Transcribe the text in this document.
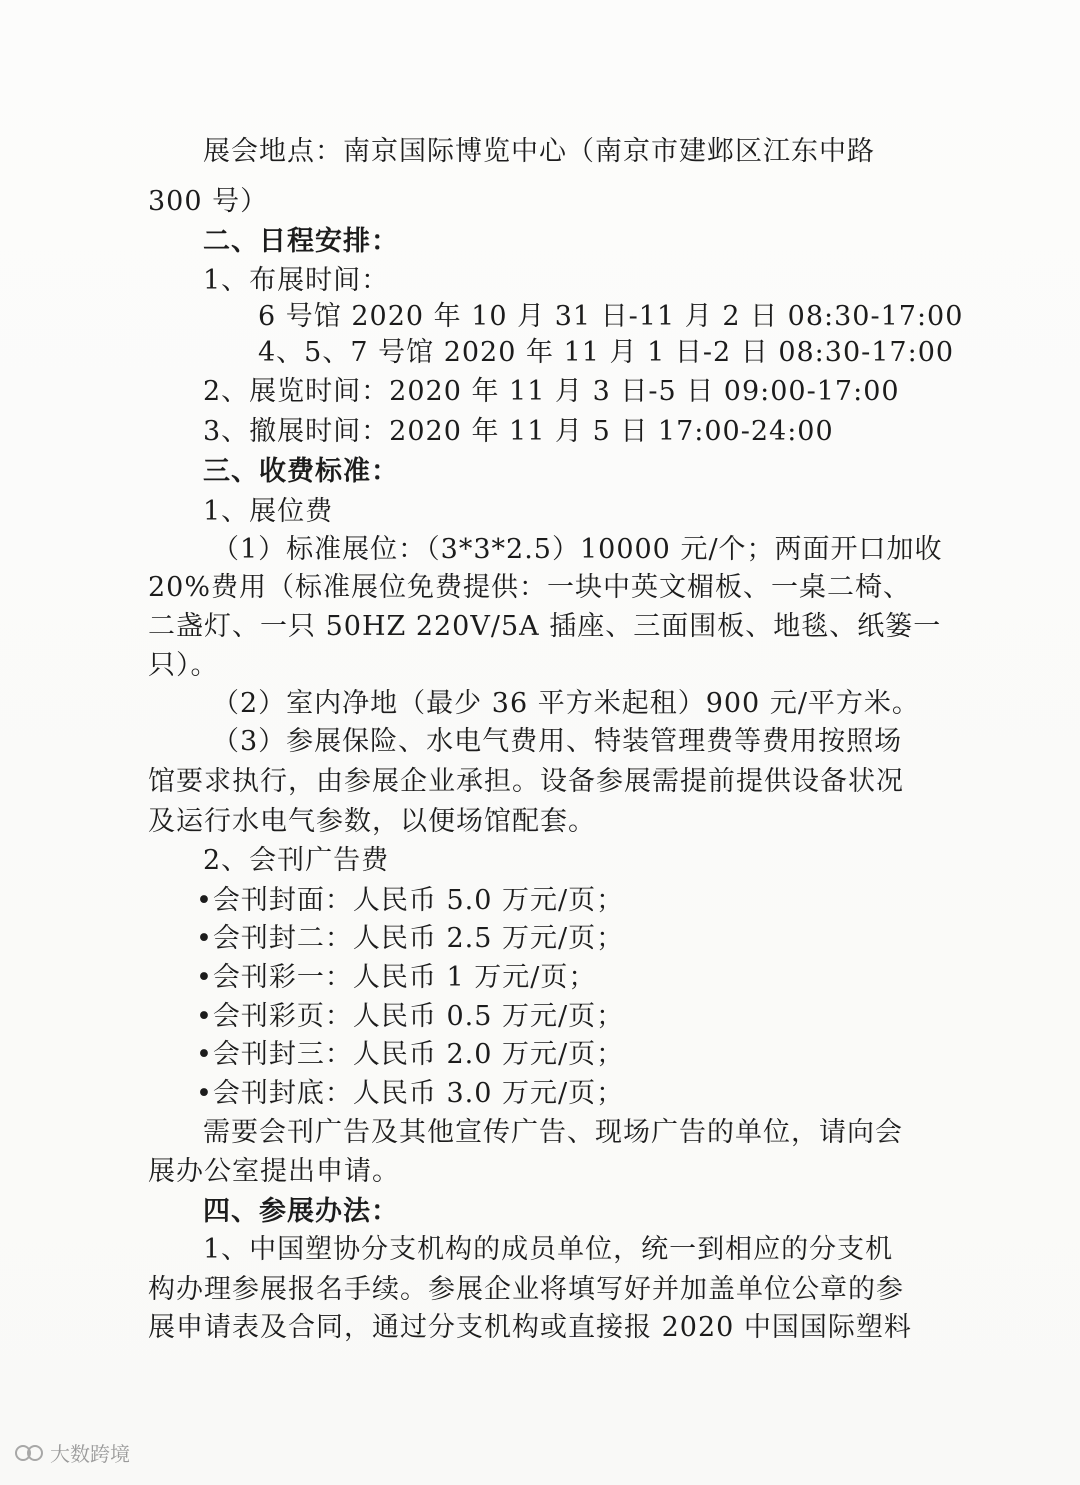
展会地点：南京国际博览中心（南京市建邺区江东中路
300 号）
二、日程安排：
1、布展时间：
6 号馆 2020 年 10 月 31 日-11 月 2 日 08:30-17:00
4、5、7 号馆 2020 年 11 月 1 日-2 日 08:30-17:00
2、展览时间：2020 年 11 月 3 日-5 日 09:00-17:00
3、撤展时间：2020 年 11 月 5 日 17:00-24:00
三、收费标准：
1、展位费
（1）标准展位：（3*3*2.5）10000 元/个；两面开口加收
20%费用（标准展位免费提供：一块中英文楣板、一桌二椅、
二盏灯、一只 50HZ 220V/5A 插座、三面围板、地毯、纸篓一
只）。
（2）室内净地（最少 36 平方米起租）900 元/平方米。
（3）参展保险、水电气费用、特装管理费等费用按照场
馆要求执行，由参展企业承担。设备参展需提前提供设备状况
及运行水电气参数，以便场馆配套。
2、会刊广告费
•会刊封面：人民币 5.0 万元/页；
•会刊封二：人民币 2.5 万元/页；
•会刊彩一：人民币 1 万元/页；
•会刊彩页：人民币 0.5 万元/页；
•会刊封三：人民币 2.0 万元/页；
•会刊封底：人民币 3.0 万元/页；
需要会刊广告及其他宣传广告、现场广告的单位，请向会
展办公室提出申请。
四、参展办法：
1、中国塑协分支机构的成员单位，统一到相应的分支机
构办理参展报名手续。参展企业将填写好并加盖单位公章的参
展申请表及合同，通过分支机构或直接报 2020 中国国际塑料
大数跨境
